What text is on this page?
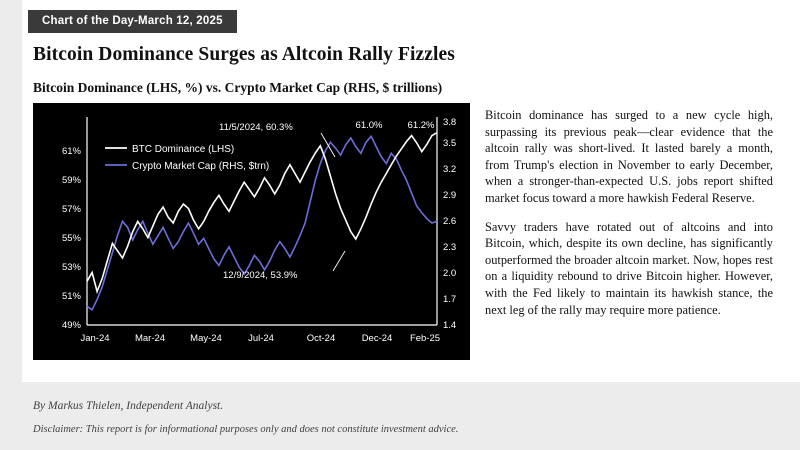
Chart of the Day-March 12, 2025
Bitcoin Dominance Surges as Altcoin Rally Fizzles
Bitcoin Dominance (LHS, %) vs. Crypto Market Cap (RHS, $ trillions)
49%
51%
53%
55%
57%
59%
61%
1.4
1.7
2.0
2.3
2.6
2.9
3.2
3.5
3.8
Jan-24	Mar-24	May-24	Jul-24	Oct-24	Dec-24 Feb-25
BTC Dominance (LHS)
Crypto Market Cap (RHS, $trn)
11/5/2024, 60.3%
12/9/2024, 53.9%
61.0%	61.2%

Bitcoin dominance has surged to a new cycle high, surpassing its previous peak—clear evidence that the altcoin rally was short-lived. It lasted barely a month, from Trump's election in November to early December, when a stronger-than-expected U.S. jobs report shifted market focus toward a more hawkish Federal Reserve.

Savvy traders have rotated out of altcoins and into Bitcoin, which, despite its own decline, has significantly outperformed the broader altcoin market. Now, hopes rest on a liquidity rebound to drive Bitcoin higher. However, with the Fed likely to maintain its hawkish stance, the next leg of the rally may require more patience.

By Markus Thielen, Independent Analyst.
Disclaimer: This report is for informational purposes only and does not constitute investment advice.
